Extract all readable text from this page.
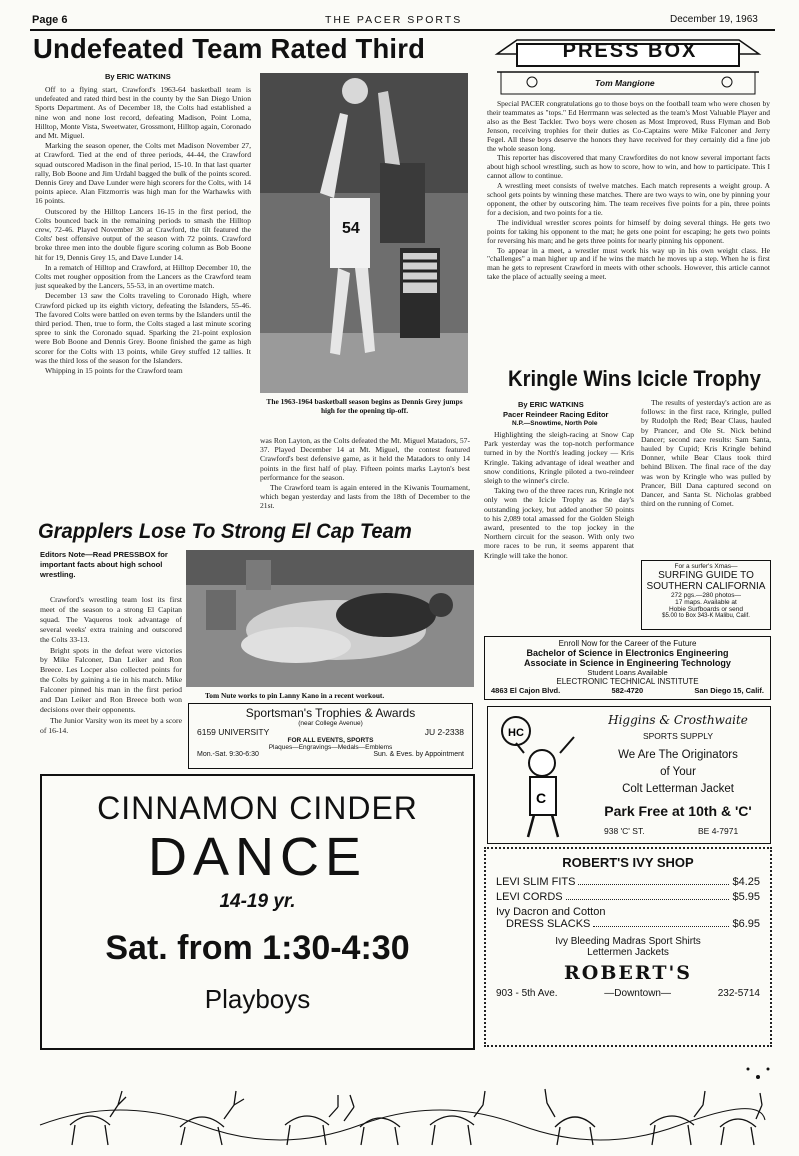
Page 6	THE PACER SPORTS	December 19, 1963
Undefeated Team Rated Third
By ERIC WATKINS

Off to a flying start, Crawford's 1963-64 basketball team is undefeated and rated third best in the county by the San Diego Union Sports Department. As of December 18, the Colts had established a nine won and none lost record, defeating Madison, Point Loma, Hilltop, Monte Vista, Sweetwater, Grossmont, Hilltop again, Coronado and Mt. Miguel.

Marking the season opener, the Colts met Madison November 27, at Crawford. Tied at the end of three periods, 44-44, the Crawford squad outscored Madison in the final period, 15-10. In that last quarter rally, Bob Boone and Jim Urdahl bagged the bulk of the points scored. Dennis Grey and Dave Lunder were high scorers for the Colts, with 14 points apiece. Alan Fitzmorris was high man for the Warhawks with 16 points.

Outscored by the Hilltop Lancers 16-15 in the first period, the Colts bounced back in the remaining periods to smash the Hilltop crew, 72-46. Played November 30 at Crawford, the tilt featured the Colts' best offensive output of the season with 72 points. Crawford broke three men into the double figure scoring column as Bob Boone hit for 19, Dennis Grey 15, and Dave Lunder 14.

In a rematch of Hilltop and Crawford, at Hilltop December 10, the Colts met rougher opposition from the Lancers as the Crawford team just squeaked by the Lancers, 55-53, in an overtime match.

December 13 saw the Colts traveling to Coronado High, where Crawford picked up its eighth victory, defeating the Islanders, 55-46. The favored Colts were battled on even terms by the Islanders until the third period. Then, true to form, the Colts staged a last minute scoring spree to sink the Coronado squad. Sparking the 21-point explosion were Bob Boone and Dennis Grey. Boone finished the game as high scorer for the Colts with 13 points, while Grey stuffed 12 tallies. It was the third loss of the season for the Islanders.

Whipping in 15 points for the Crawford team

54
The 1963-1964 basketball season begins as Dennis Grey jumps high for the opening tip-off.

was Ron Layton, as the Colts defeated the Mt. Miguel Matadors, 57-37. Played December 14 at Mt. Miguel, the contest featured Crawford's best defensive game, as it held the Matadors to only 14 points in the first half of play. Fifteen points marks Layton's best performance for the season.

The Crawford team is again entered in the Kiwanis Tournament, which began yesterday and lasts from the 18th of December to the 21st.

PRESS BOX
Tom Mangione

Special PACER congratulations go to those boys on the football team who were chosen by their teammates as "tops." Ed Herrmann was selected as the team's Most Valuable Player and also as the Best Tackler. Two boys were chosen as Most Improved, Russ Flyman and Bob Jenson, receiving trophies for their duties as Co-Captains were Mike Falconer and Jerry Fegel. All these boys deserve the honors they have received for they certainly did a fine job the whole season long.

This reporter has discovered that many Crawfordites do not know several important facts about high school wrestling, such as how to score, how to win, and how to participate. This I cannot allow to continue.

A wrestling meet consists of twelve matches. Each match represents a weight group. A school gets points by winning these matches. There are two ways to win, one by pinning your opponent, the other by outscoring him. The team receives five points for a pin, three points for a decision, and two points for a tie.

The individual wrestler scores points for himself by doing several things. He gets two points for taking his opponent to the mat; he gets one point for escaping; he gets two points for reversing his man; and he gets three points for nearly pinning his opponent.

To appear in a meet, a wrestler must work his way up in his own weight class. He "challenges" a man higher up and if he wins the match he moves up a step. When he is first man he gets to represent Crawford in meets with other schools. However, this article cannot take the place of actually seeing a meet.

Kringle Wins Icicle Trophy
By ERIC WATKINS
Pacer Reindeer Racing Editor
N.P.—Snowtime, North Pole

Highlighting the sleigh-racing at Snow Cap Park yesterday was the top-notch performance turned in by the North's leading jockey — Kris Kringle. Taking advantage of ideal weather and snow conditions, Kringle piloted a two-reindeer sleigh to the winner's circle.

Taking two of the three races run, Kringle not only won the Icicle Trophy as the day's outstanding jockey, but added another 50 points to his 2,089 total amassed for the Golden Sleigh award, presented to the top jockey in the Northern circuit for the season. With only two more races to be run, it seems apparent that Kringle will take the honor.

The results of yesterday's action are as follows: in the first race, Kringle, pulled by Rudolph the Red; Bear Claus, hauled by Prancer, and Ole St. Nick behind Dancer; second race results: Sam Santa, hauled by Cupid; Kris Kringle behind Donner, while Bear Claus took third behind Blixen. The final race of the day was won by Kringle who was pulled by Prancer, Bill Dana captured second on Dancer, and Santa St. Nicholas grabbed third on the running of Comet.
For a surfer's Xmas—
SURFING GUIDE TO
SOUTHERN CALIFORNIA
272 pgs.—280 photos—
17 maps. Available at
Hobie Surfboards or send
$5.00 to Box 343-K Malibu, Calif.
Grapplers Lose To Strong El Cap Team
Editors Note—Read PRESSBOX for important facts about high school wrestling.

Crawford's wrestling team lost its first meet of the season to a strong El Capitan squad. The Vaqueros took advantage of several weeks' extra training and outscored the Colts 33-13.

Bright spots in the defeat were victories by Mike Falconer, Dan Leiker and Ron Breece. Les Locper also collected points for the Colts by gaining a tie in his match. Mike Falconer pinned his man in the first period and Dan Leiker and Ron Breece both won decisions over their opponents.

The Junior Varsity won its meet by a score of 16-14.

Tom Nute works to pin Lanny Kano in a recent workout.
Enroll Now for the Career of the Future
Bachelor of Science in Electronics Engineering
Associate in Science in Engineering Technology
Student Loans Available
ELECTRONIC TECHNICAL INSTITUTE
4863 El Cajon Blvd.	582-4720	San Diego 15, Calif.
Sportsman's Trophies & Awards
(near College Avenue)
6159 UNIVERSITY	JU 2-2338
FOR ALL EVENTS, SPORTS
Plaques—Engravings—Medals—Emblems
Mon.-Sat. 9:30-6:30	Sun. & Eves. by Appointment
HC
C
Higgins & Crosthwaite
SPORTS SUPPLY
We Are The Originators
of Your
Colt Letterman Jacket
Park Free at 10th & 'C'
938 'C' ST.	BE 4-7971
CINNAMON CINDER
DANCE
14-19 yr.
Sat. from 1:30-4:30
Playboys
ROBERT'S IVY SHOP
LEVI SLIM FITS	$4.25
LEVI CORDS	$5.95
Ivy Dacron and Cotton
DRESS SLACKS	$6.95
Ivy Bleeding Madras Sport Shirts
Lettermen Jackets
ROBERT'S
903 - 5th Ave.	—Downtown—	232-5714
